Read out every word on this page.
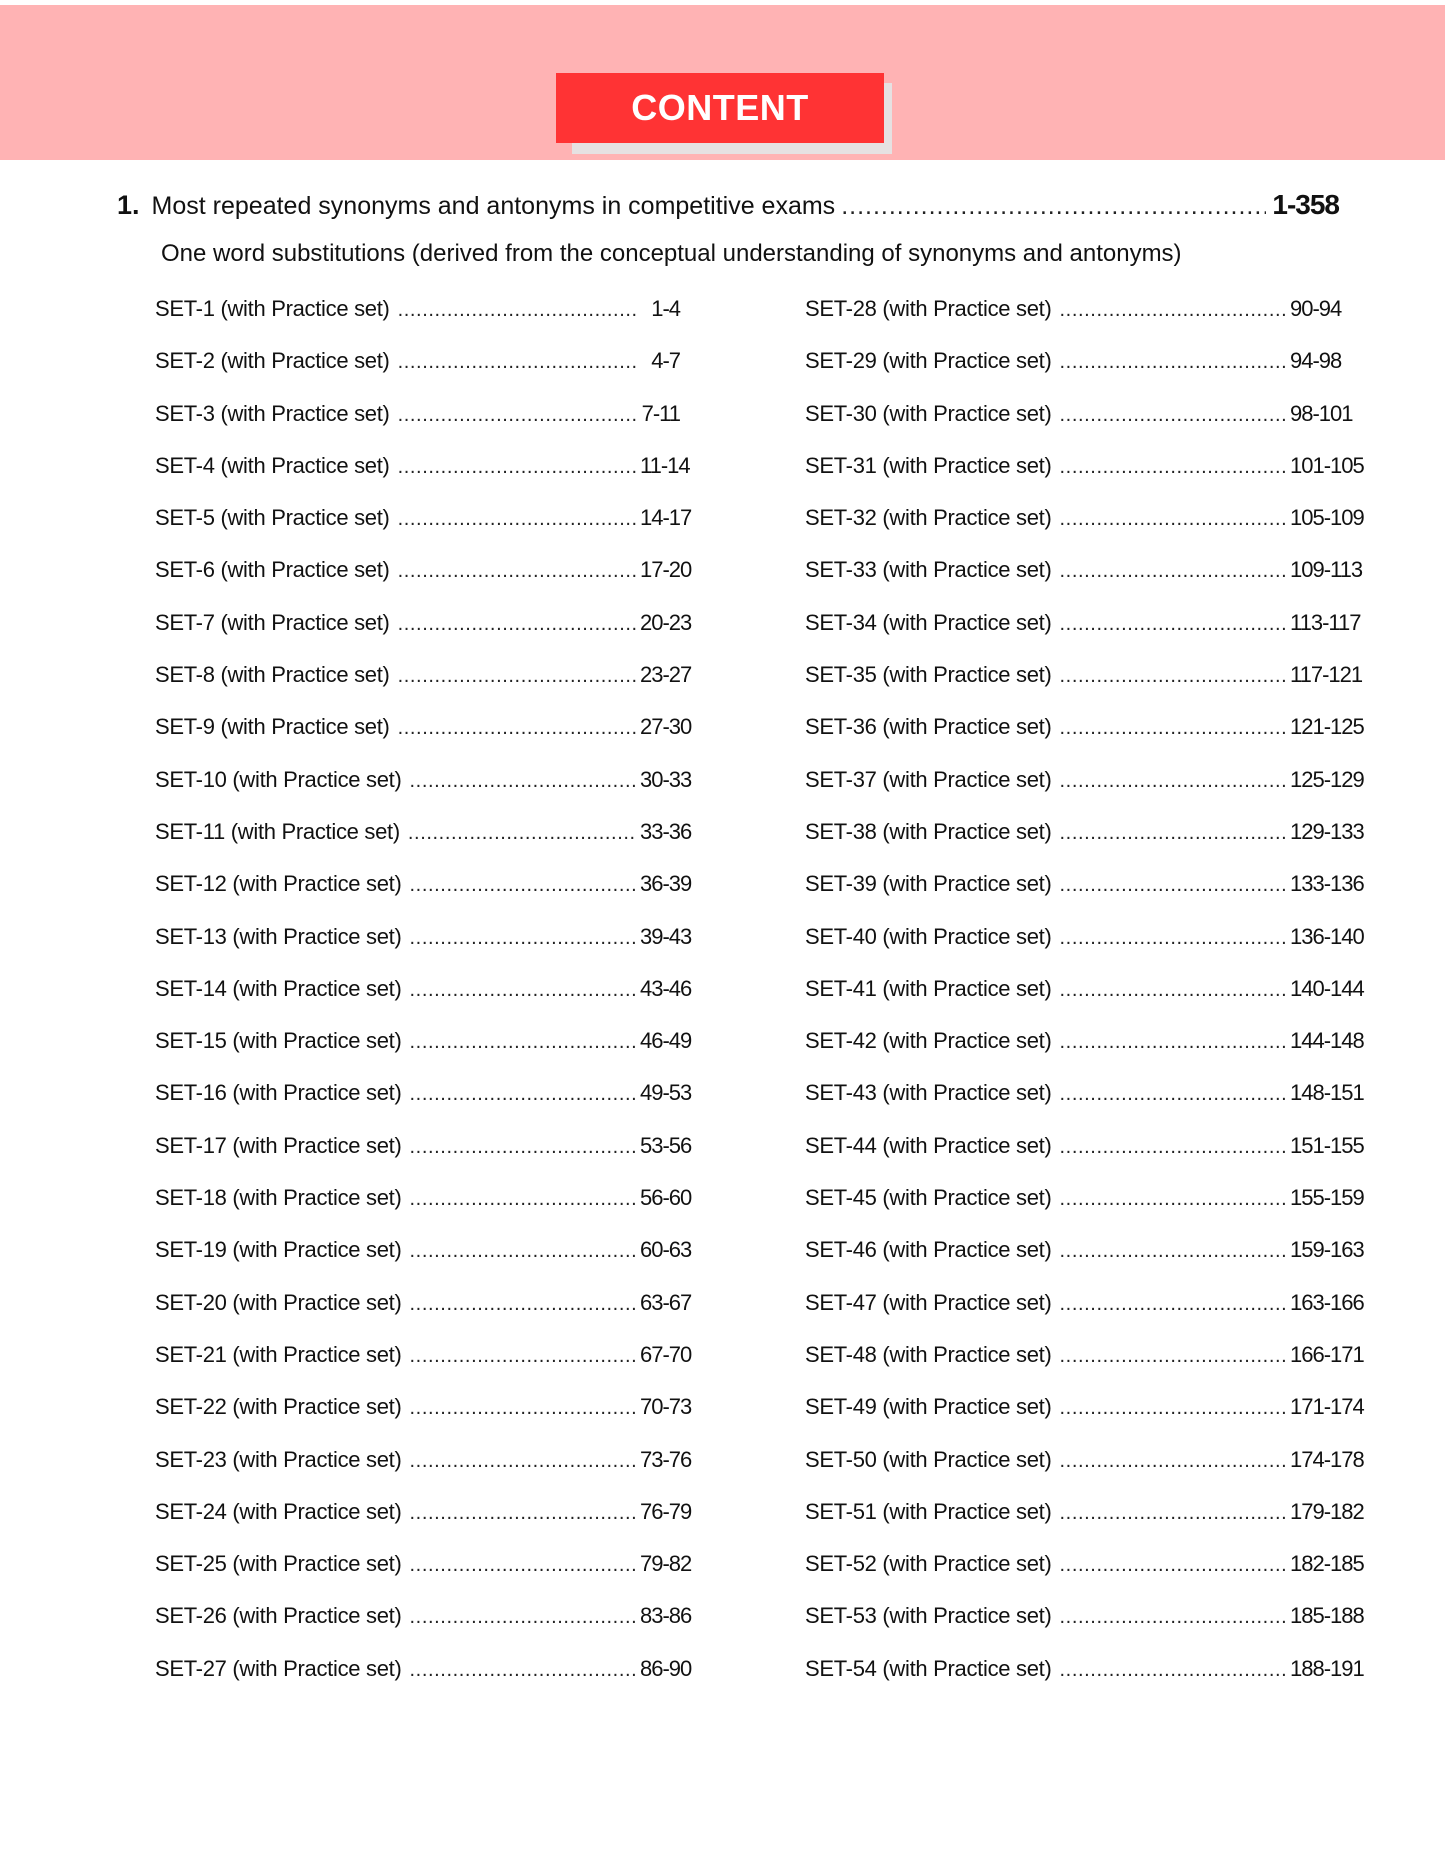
CONTENT
1. Most repeated synonyms and antonyms in competitive exams .....	1-358
One word substitutions (derived from the conceptual understanding of synonyms and antonyms)
SET-1 (with Practice set) .....	1-4
SET-2 (with Practice set) .....	4-7
SET-3 (with Practice set) .....	7-11
SET-4 (with Practice set) .....	11-14
SET-5 (with Practice set) .....	14-17
SET-6 (with Practice set) .....	17-20
SET-7 (with Practice set) .....	20-23
SET-8 (with Practice set) .....	23-27
SET-9 (with Practice set) .....	27-30
SET-10 (with Practice set) .....	30-33
SET-11 (with Practice set) .....	33-36
SET-12 (with Practice set) .....	36-39
SET-13 (with Practice set) .....	39-43
SET-14 (with Practice set) .....	43-46
SET-15 (with Practice set) .....	46-49
SET-16 (with Practice set) .....	49-53
SET-17 (with Practice set) .....	53-56
SET-18 (with Practice set) .....	56-60
SET-19 (with Practice set) .....	60-63
SET-20 (with Practice set) .....	63-67
SET-21 (with Practice set) .....	67-70
SET-22 (with Practice set) .....	70-73
SET-23 (with Practice set) .....	73-76
SET-24 (with Practice set) .....	76-79
SET-25 (with Practice set) .....	79-82
SET-26 (with Practice set) .....	83-86
SET-27 (with Practice set) .....	86-90
SET-28 (with Practice set) .....	90-94
SET-29 (with Practice set) .....	94-98
SET-30 (with Practice set) .....	98-101
SET-31 (with Practice set) .....	101-105
SET-32 (with Practice set) .....	105-109
SET-33 (with Practice set) .....	109-113
SET-34 (with Practice set) .....	113-117
SET-35 (with Practice set) .....	117-121
SET-36 (with Practice set) .....	121-125
SET-37 (with Practice set) .....	125-129
SET-38 (with Practice set) .....	129-133
SET-39 (with Practice set) .....	133-136
SET-40 (with Practice set) .....	136-140
SET-41 (with Practice set) .....	140-144
SET-42 (with Practice set) .....	144-148
SET-43 (with Practice set) .....	148-151
SET-44 (with Practice set) .....	151-155
SET-45 (with Practice set) .....	155-159
SET-46 (with Practice set) .....	159-163
SET-47 (with Practice set) .....	163-166
SET-48 (with Practice set) .....	166-171
SET-49 (with Practice set) .....	171-174
SET-50 (with Practice set) .....	174-178
SET-51 (with Practice set) .....	179-182
SET-52 (with Practice set) .....	182-185
SET-53 (with Practice set) .....	185-188
SET-54 (with Practice set) .....	188-191
